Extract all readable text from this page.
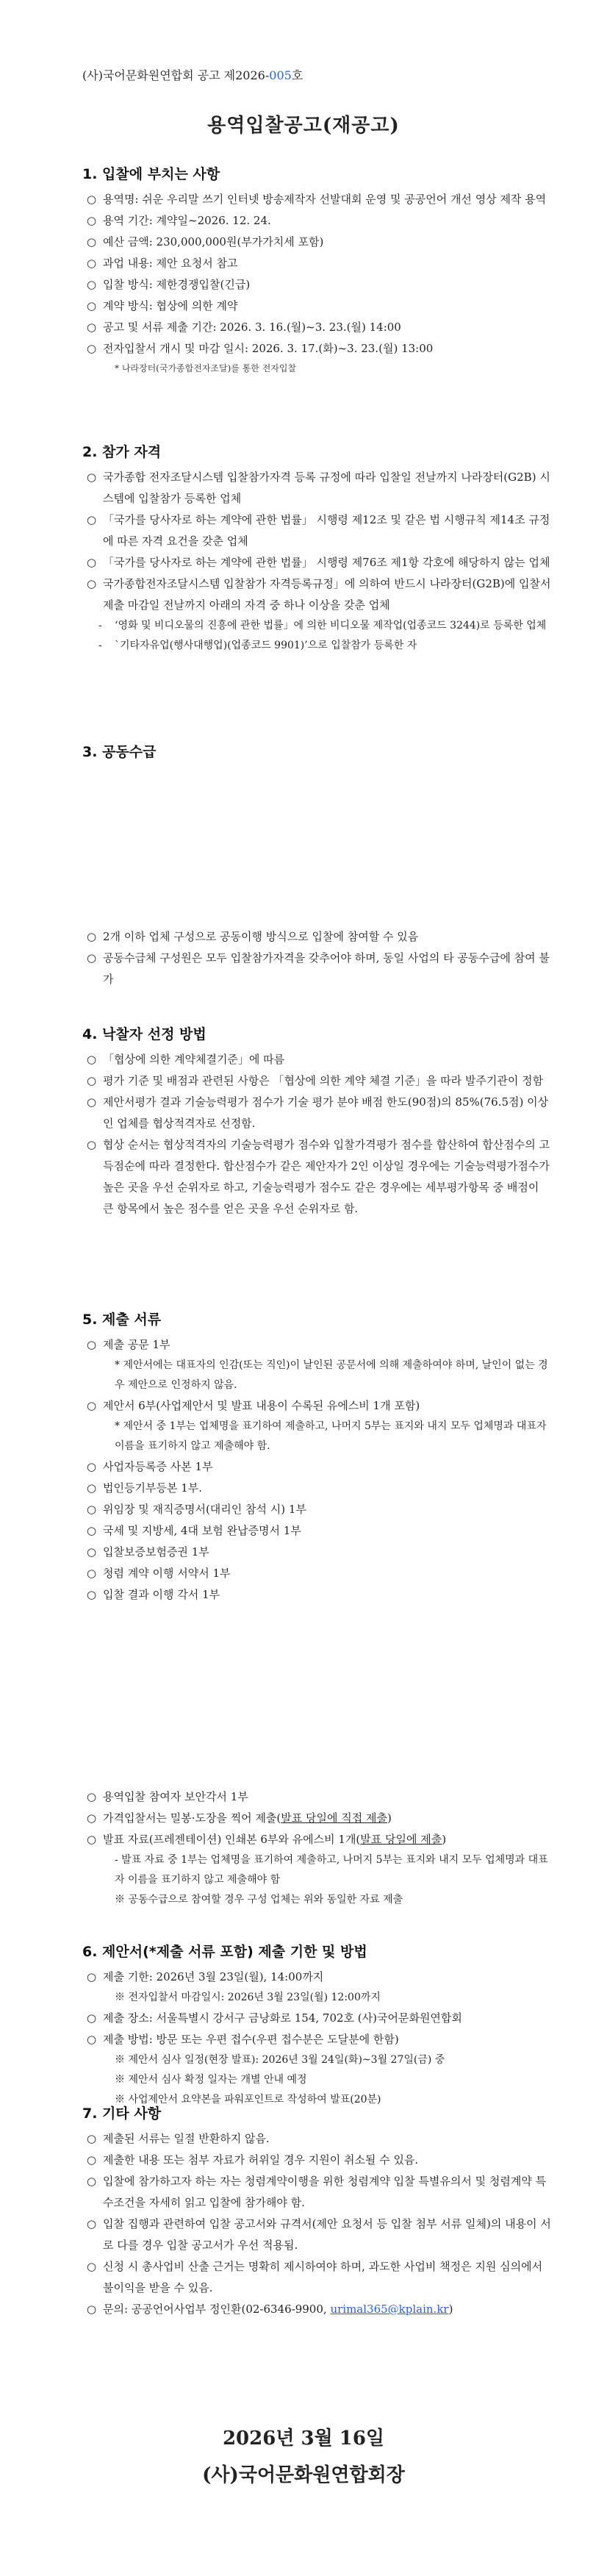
(사)국어문화원연합회 공고 제2026-005호
용역입찰공고(재공고)
1. 입찰에 부치는 사항

○ 용역명: 쉬운 우리말 쓰기 인터넷 방송제작자 선발대회 운영 및 공공언어 개선 영상 제작 용역

○ 용역 기간: 계약일~2026. 12. 24.

○ 예산 금액: 230,000,000원(부가가치세 포함)

○ 과업 내용: 제안 요청서 참고

○ 입찰 방식: 제한경쟁입찰(긴급)

○ 계약 방식: 협상에 의한 계약

○ 공고 및 서류 제출 기간: 2026. 3. 16.(월)~3. 23.(월) 14:00

○ 전자입찰서 개시 및 마감 일시: 2026. 3. 17.(화)~3. 23.(월) 13:00

* 나라장터(국가종합전자조달)를 통한 전자입찰

2. 참가 자격

○ 국가종합 전자조달시스템 입찰참가자격 등록 규정에 따라 입찰일 전날까지 나라장터(G2B) 시스템에 입찰참가 등록한 업체

○ 「국가를 당사자로 하는 계약에 관한 법률」 시행령 제12조 및 같은 법 시행규칙 제14조 규정에 따른 자격 요건을 갖춘 업체

○ 「국가를 당사자로 하는 계약에 관한 법률」 시행령 제76조 제1항 각호에 해당하지 않는 업체

○ 국가종합전자조달시스템 입찰참가 자격등록규정」에 의하여 반드시 나라장터(G2B)에 입찰서 제출 마감일 전날까지 아래의 자격 중 하나 이상을 갖춘 업체

- ‘영화 및 비디오물의 진흥에 관한 법률」에 의한 비디오물 제작업(업종코드 3244)로 등록한 업체

- `기타자유업(행사대행업)(업종코드 9901)’으로 입찰참가 등록한 자

3. 공동수급

○ 2개 이하 업체 구성으로 공동이행 방식으로 입찰에 참여할 수 있음

○ 공동수급체 구성원은 모두 입찰참가자격을 갖추어야 하며, 동일 사업의 타 공동수급에 참여 불가

4. 낙찰자 선정 방법

○ 「협상에 의한 계약체결기준」에 따름

○ 평가 기준 및 배점과 관련된 사항은 「협상에 의한 계약 체결 기준」을 따라 발주기관이 정함

○ 제안서평가 결과 기술능력평가 점수가 기술 평가 분야 배점 한도(90점)의 85%(76.5점) 이상인 업체를 협상적격자로 선정함.

○ 협상 순서는 협상적격자의 기술능력평가 점수와 입찰가격평가 점수를 합산하여 합산점수의 고득점순에 따라 결정한다. 합산점수가 같은 제안자가 2인 이상일 경우에는 기술능력평가점수가 높은 곳을 우선 순위자로 하고, 기술능력평가 점수도 같은 경우에는 세부평가항목 중 배점이 큰 항목에서 높은 점수를 얻은 곳을 우선 순위자로 함.

5. 제출 서류

○ 제출 공문 1부

* 제안서에는 대표자의 인감(또는 직인)이 날인된 공문서에 의해 제출하여야 하며, 날인이 없는 경우 제안으로 인정하지 않음.

○ 제안서 6부(사업제안서 및 발표 내용이 수록된 유에스비 1개 포함)

* 제안서 중 1부는 업체명을 표기하여 제출하고, 나머지 5부는 표지와 내지 모두 업체명과 대표자 이름을 표기하지 않고 제출해야 함.

○ 사업자등록증 사본 1부

○ 법인등기부등본 1부.

○ 위임장 및 재직증명서(대리인 참석 시) 1부

○ 국세 및 지방세, 4대 보험 완납증명서 1부

○ 입찰보증보험증권 1부

○ 청렴 계약 이행 서약서 1부

○ 입찰 결과 이행 각서 1부

○ 용역입찰 참여자 보안각서 1부

○ 가격입찰서는 밀봉·도장을 찍어 제출(발표 당일에 직접 제출)

○ 발표 자료(프레젠테이션) 인쇄본 6부와 유에스비 1개(발표 당일에 제출)

- 발표 자료 중 1부는 업체명을 표기하여 제출하고, 나머지 5부는 표지와 내지 모두 업체명과 대표자 이름을 표기하지 않고 제출해야 함

※ 공동수급으로 참여할 경우 구성 업체는 위와 동일한 자료 제출

6. 제안서(*제출 서류 포함) 제출 기한 및 방법

○ 제출 기한: 2026년 3월 23일(월), 14:00까지

※ 전자입찰서 마감일시: 2026년 3월 23일(월) 12:00까지

○ 제출 장소: 서울특별시 강서구 금낭화로 154, 702호 (사)국어문화원연합회

○ 제출 방법: 방문 또는 우편 접수(우편 접수분은 도달분에 한함)

※ 제안서 심사 일정(현장 발표): 2026년 3월 24일(화)~3월 27일(금) 중

※ 제안서 심사 확정 일자는 개별 안내 예정

※ 사업제안서 요약본을 파워포인트로 작성하여 발표(20분)

7. 기타 사항

○ 제출된 서류는 일절 반환하지 않음.

○ 제출한 내용 또는 첨부 자료가 허위일 경우 지원이 취소될 수 있음.

○ 입찰에 참가하고자 하는 자는 청렴계약이행을 위한 청렴계약 입찰 특별유의서 및 청렴계약 특수조건을 자세히 읽고 입찰에 참가해야 함.

○ 입찰 집행과 관련하여 입찰 공고서와 규격서(제안 요청서 등 입찰 첨부 서류 일체)의 내용이 서로 다를 경우 입찰 공고서가 우선 적용됨.

○ 신청 시 총사업비 산출 근거는 명확히 제시하여야 하며, 과도한 사업비 책정은 지원 심의에서 불이익을 받을 수 있음.

○ 문의: 공공언어사업부 정인환(02-6346-9900, urimal365@kplain.kr)

2026년 3월 16일
(사)국어문화원연합회장
